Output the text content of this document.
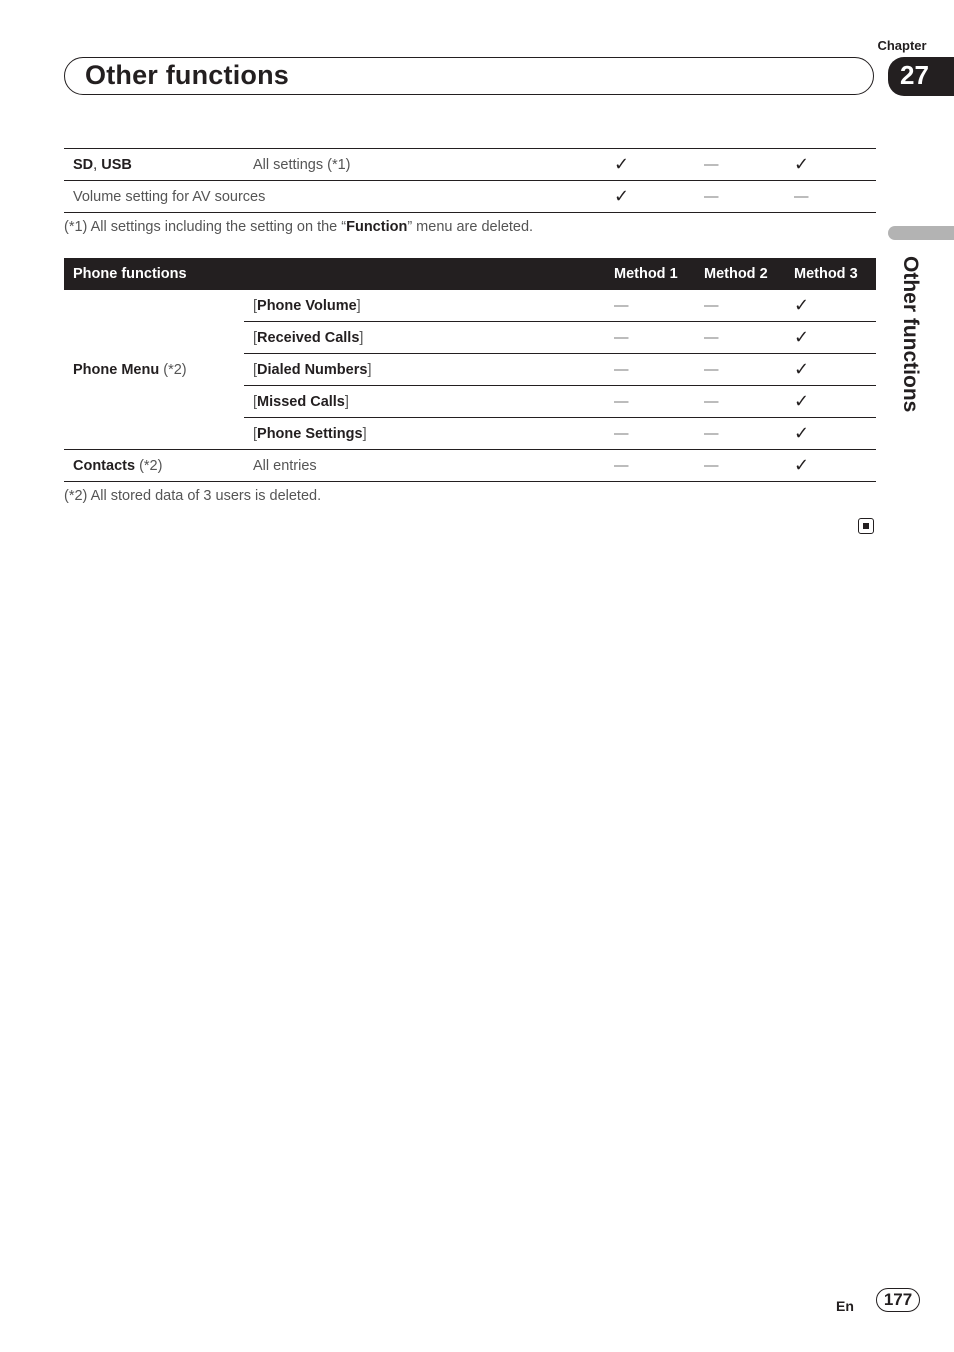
Chapter
Other functions	27
Other functions
SD, USB	All settings (*1)	✓	—	✓
Volume setting for AV sources		✓	—	—
(*1) All settings including the setting on the “Function” menu are deleted.
Phone functions		Method 1	Method 2	Method 3
Phone Menu (*2)	[Phone Volume]	—	—	✓
	[Received Calls]	—	—	✓
	[Dialed Numbers]	—	—	✓
	[Missed Calls]	—	—	✓
	[Phone Settings]	—	—	✓
Contacts (*2)	All entries	—	—	✓
(*2) All stored data of 3 users is deleted.
En	177
